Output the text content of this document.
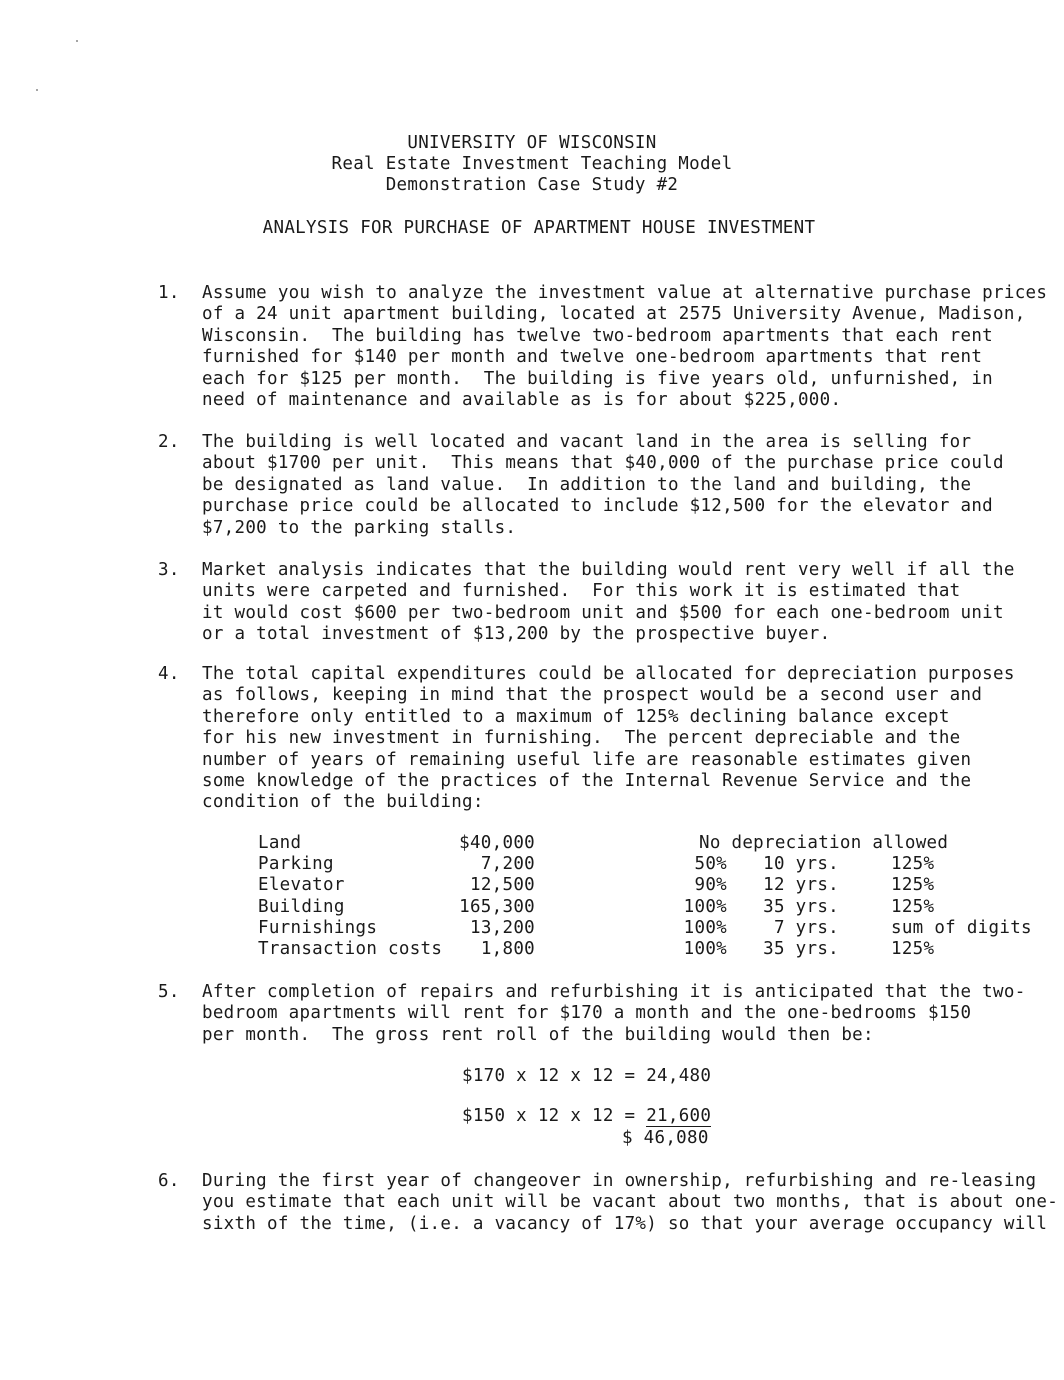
UNIVERSITY OF WISCONSIN
Real Estate Investment Teaching Model
Demonstration Case Study #2
ANALYSIS FOR PURCHASE OF APARTMENT HOUSE INVESTMENT
1. Assume you wish to analyze the investment value at alternative purchase prices
of a 24 unit apartment building, located at 2575 University Avenue, Madison,
Wisconsin.  The building has twelve two-bedroom apartments that each rent
furnished for $140 per month and twelve one-bedroom apartments that rent
each for $125 per month.  The building is five years old, unfurnished, in
need of maintenance and available as is for about $225,000.
2. The building is well located and vacant land in the area is selling for
about $1700 per unit.  This means that $40,000 of the purchase price could
be designated as land value.  In addition to the land and building, the
purchase price could be allocated to include $12,500 for the elevator and
$7,200 to the parking stalls.
3. Market analysis indicates that the building would rent very well if all the
units were carpeted and furnished.  For this work it is estimated that
it would cost $600 per two-bedroom unit and $500 for each one-bedroom unit
or a total investment of $13,200 by the prospective buyer.
4. The total capital expenditures could be allocated for depreciation purposes
as follows, keeping in mind that the prospect would be a second user and
therefore only entitled to a maximum of 125% declining balance except
for his new investment in furnishing.  The percent depreciable and the
number of years of remaining useful life are reasonable estimates given
some knowledge of the practices of the Internal Revenue Service and the
condition of the building:
Land	$40,000		No depreciation allowed		
Parking	7,200		50%	10 yrs.	125%
Elevator	12,500		90%	12 yrs.	125%
Building	165,300		100%	35 yrs.	125%
Furnishings	13,200		100%	7 yrs.	sum of digits
Transaction costs	1,800		100%	35 yrs.	125%
5. After completion of repairs and refurbishing it is anticipated that the two-
bedroom apartments will rent for $170 a month and the one-bedrooms $150
per month.  The gross rent roll of the building would then be:
$170 x 12 x 12 = 24,480
$150 x 12 x 12 = 21,600
$ 46,080
6. During the first year of changeover in ownership, refurbishing and re-leasing
you estimate that each unit will be vacant about two months, that is about one-
sixth of the time, (i.e. a vacancy of 17%) so that your average occupancy will
